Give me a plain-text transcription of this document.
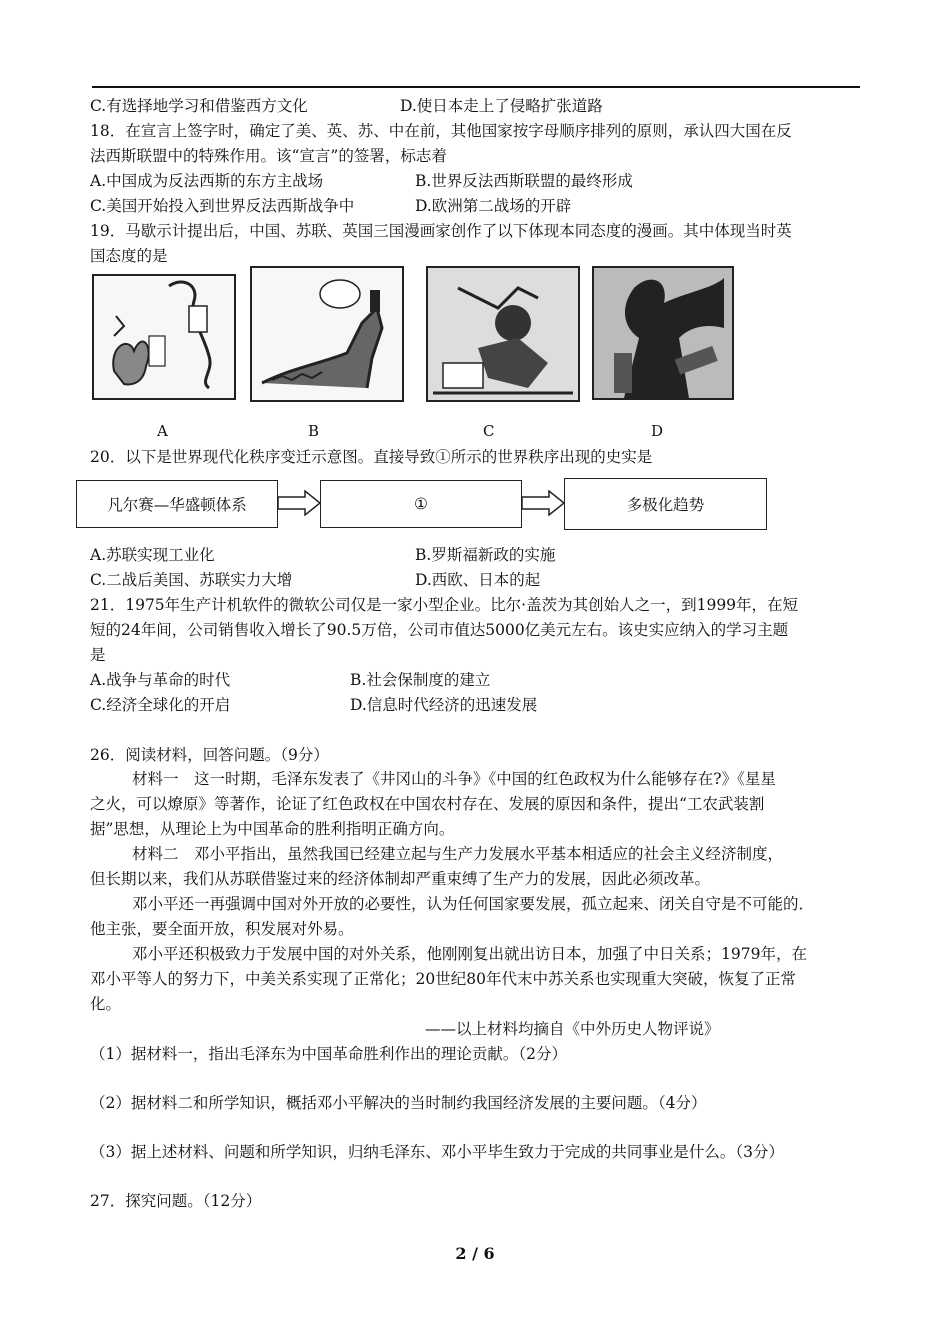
C.有选择地学习和借鉴西方文化	D.使日本走上了侵略扩张道路
18．在宣言上签字时，确定了美、英、苏、中在前，其他国家按字母顺序排列的原则，承认四大国在反
法西斯联盟中的特殊作用。该“宣言”的签署，标志着
A.中国成为反法西斯的东方主战场	B.世界反法西斯联盟的最终形成
C.美国开始投入到世界反法西斯战争中	D.欧洲第二战场的开辟
19．马歇示计提出后，中国、苏联、英国三国漫画家创作了以下体现本同态度的漫画。其中体现当时英
国态度的是
A	B	C	D
20．以下是世界现代化秩序变迁示意图。直接导致①所示的世界秩序出现的史实是
凡尔赛—华盛顿体系	①	多极化趋势
A.苏联实现工业化	B.罗斯福新政的实施
C.二战后美国、苏联实力大增	D.西欧、日本的起
21．1975年生产计机软件的微软公司仅是一家小型企业。比尔·盖茨为其创始人之一，到1999年，在短
短的24年间，公司销售收入增长了90.5万倍，公司市值达5000亿美元左右。该史实应纳入的学习主题
是
A.战争与革命的时代	B.社会保制度的建立
C.经济全球化的开启	D.信息时代经济的迅速发展
26．阅读材料，回答问题。（9分）
材料一　这一时期，毛泽东发表了《井冈山的斗争》《中国的红色政权为什么能够存在?》《星星
之火，可以燎原》等著作，论证了红色政权在中国农村存在、发展的原因和条件，提出“工农武装割
据”思想，从理论上为中国革命的胜利指明正确方向。
材料二　邓小平指出，虽然我国已经建立起与生产力发展水平基本相适应的社会主义经济制度，
但长期以来，我们从苏联借鉴过来的经济体制却严重束缚了生产力的发展，因此必须改革。
邓小平还一再强调中国对外开放的必要性，认为任何国家要发展，孤立起来、闭关自守是不可能的．
他主张，要全面开放，积发展对外易。
邓小平还积极致力于发展中国的对外关系，他刚刚复出就出访日本，加强了中日关系；1979年，在
邓小平等人的努力下，中美关系实现了正常化；20世纪80年代末中苏关系也实现重大突破，恢复了正常
化。
——以上材料均摘自《中外历史人物评说》
（1）据材料一，指出毛泽东为中国革命胜利作出的理论贡献。（2分）
（2）据材料二和所学知识，概括邓小平解决的当时制约我国经济发展的主要问题。（4分）
（3）据上述材料、问题和所学知识，归纳毛泽东、邓小平毕生致力于完成的共同事业是什么。（3分）
27．探究问题。（12分）
2 / 6
